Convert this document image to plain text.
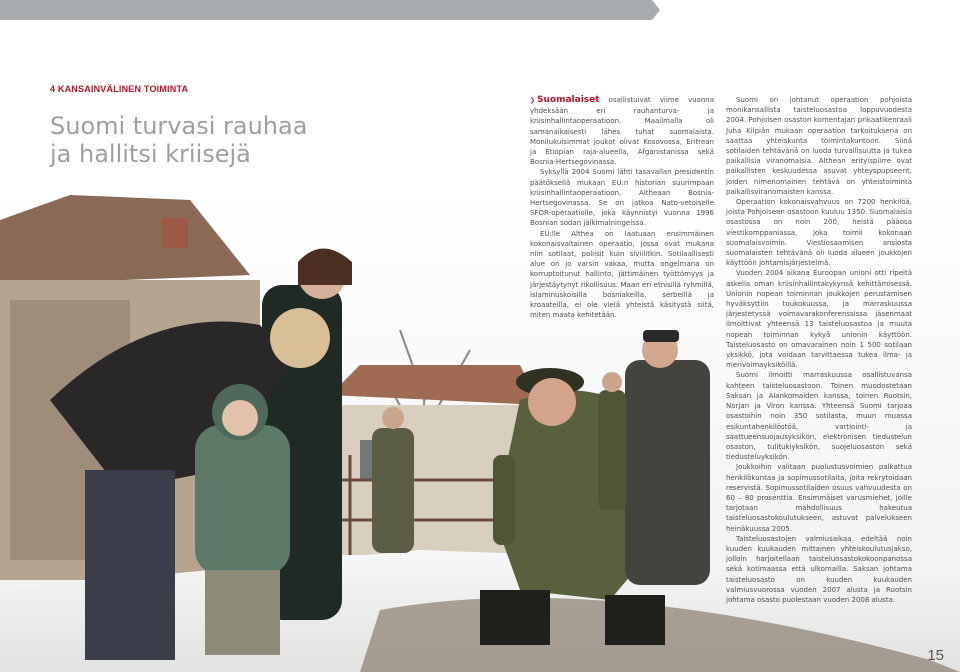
4 KANSAINVÄLINEN TOIMINTA
Suomi turvasi rauhaa
ja hallitsi kriisejä

❯ Suomalaiset osallistuivat viime vuonna yhdeksään eri rauhanturva- ja kriisinhallintaoperaatioon. Maailmalla oli samanaikaisesti lähes tuhat suomalaista. Monilukuisimmat joukot olivat Kosovossa, Eritrean ja Etiopian raja-alueella, Afganistanissa sekä Bosnia-Hertsegovinassa.

Syksyllä 2004 Suomi lähti tasavallan presidentin päätöksellä mukaan EU:n historian suurimpaan kriisinhallintaoperaatioon, Altheaan Bosnia-Hertsegovinassa. Se on jatkoa Nato-vetoiselle SFOR-operaatiolle, joka käynnistyi vuonna 1996 Bosnian sodan jälkimainingeissa.

EU:lle Althea on laatuaan ensimmäinen kokonaisvaltainen operaatio, jossa ovat mukana niin sotilaat, poliisit kuin siviilitkin. Sotilaallisesti alue on jo varsin vakaa, mutta ongelmana on korruptoitunut hallinto, jättimäinen työttömyys ja järjestäytynyt rikollisuus. Maan eri etnisillä ryhmillä, islaminuskoisilla bosniakeilla, serbeillä ja kroaateilla, ei ole vielä yhteistä käsitystä siitä, miten maata kehitetään.

Suomi on johtanut operaation pohjoista monikansallista taisteluosastoa loppuvuodesta 2004. Pohjoisen osaston komentajan prikaatikenraali Juha Kilpiän mukaan operaation tarkoituksena on saattaa yhteiskunta toimintakuntoon. Siinä sotilaiden tehtävänä on luoda turvallisuutta ja tukea paikallisia viranomaisia. Althean erityispiirre ovat paikallisten keskuudessa asuvat yhteyspupseerit, joiden nimenomainen tehtävä on yhteistoiminta paikallisviranomaisten kanssa.

Operaation kokonaisvahvuus on 7200 henkilöä, joista Pohjoiseen osastoon kuuluu 1350. Suomalaisia osastossa on noin 200, heistä pääosa viestikomppaniassa, joka toimii kokonaan suomalaisvoimin. Viestiosaamisen ansiosta suomalaisten tehtävänä oli luoda alueen joukkojen käyttöön johtamisjärjestelmä.

Vuoden 2004 aikana Euroopan unioni otti ripeitä askelia oman kriisinhallintakykynsä kehittämisessä. Unionin nopean toiminnan joukkojen perustamisen hyväksyttiin toukokuussa, ja marraskuussa järjestetyssä voimavarakonferenssissa jäsenmaat ilmoittivat yhteensä 13 taisteluosastoa ja muuta nopean toiminnan kykyä unionin käyttöön. Taisteluosasto on omavarainen noin 1 500 sotilaan yksikkö, jota voidaan tarvittaessa tukea ilma- ja merivoimayksiköillä.

Suomi ilmoitti marraskuussa osallistuvansa kahteen taisteluosastoon. Toinen muodostetaan Saksan ja Alankomaiden kanssa, toinen Ruotsin, Norjan ja Viron kanssa. Yhteensä Suomi tarjoaa osastoihin noin 350 sotilasta, muun muassa esikuntahenkilöstöä, vartiointi- ja saattueensuojausyksikön, elektronisen tiedustelun osaston, tulitukiyksikön, suojeluosaston sekä tiedusteluyksikön.

Joukkoihin valitaan puolustusvoimien palkattua henkilökuntaa ja sopimussotilaita, joita rekrytoidaan reservistä. Sopimussotilaiden osuus vahvuudesta on 60 – 80 prosenttia. Ensimmäiset varusmiehet, joille tarjotaan mahdollisuus hakeutua taisteluosastokoulutukseen, astuvat palvelukseen heinäkuussa 2005.

Taisteluosastojen valmiusaikaa edeltää noin kuuden kuukauden mittainen yhteiskoulutusjakso, jolloin harjoitellaan taisteluosastokokoonpanossa sekä kotimaassa että ulkomailla. Saksan johtama taisteluosasto on kuuden kuukauden valmiusvuorossa vuoden 2007 alusta ja Ruotsin johtama osasto puolestaan vuoden 2008 alusta.

15
